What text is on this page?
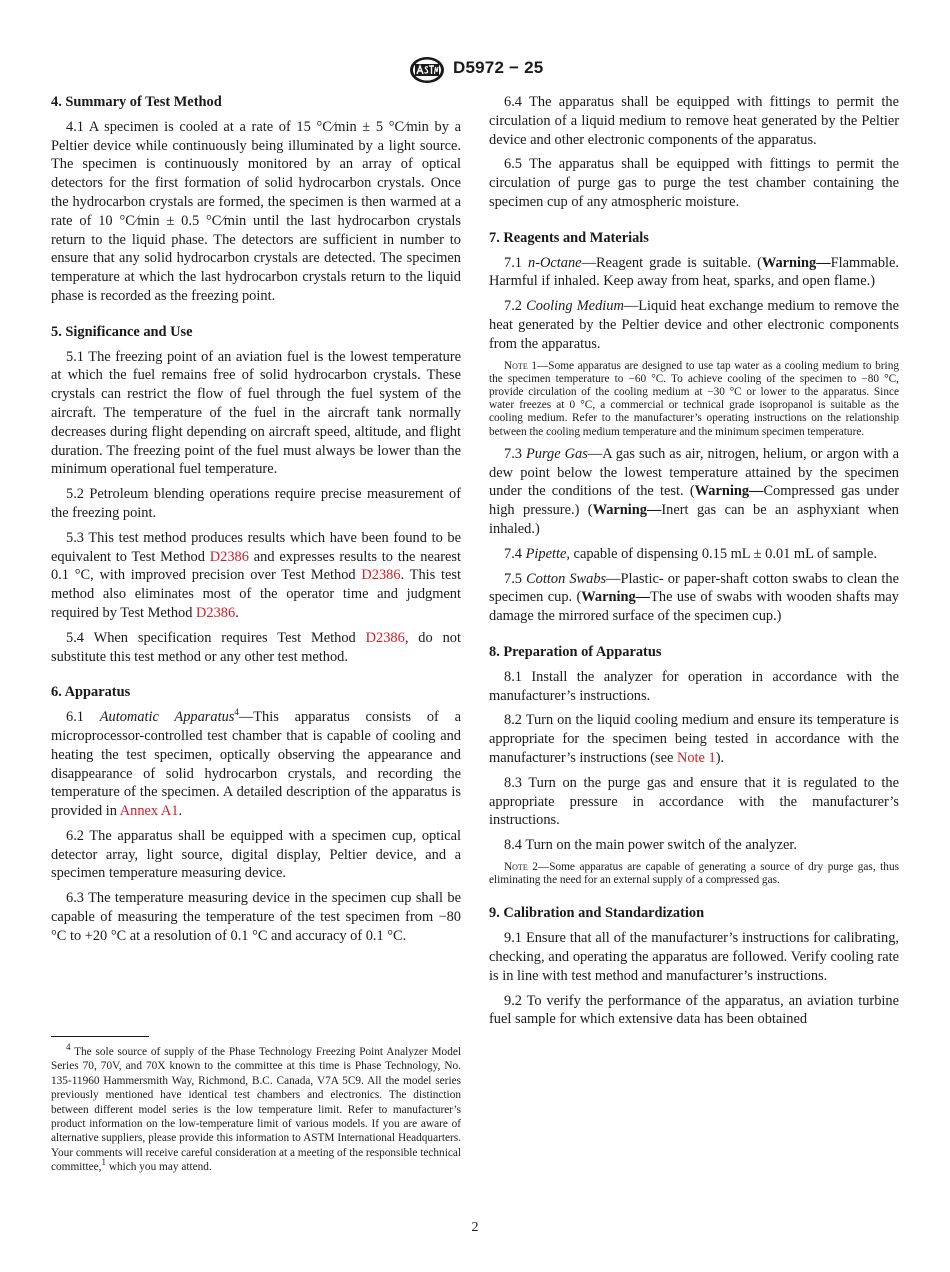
D5972 − 25
4. Summary of Test Method

4.1 A specimen is cooled at a rate of 15 °C⁄min ± 5 °C⁄min by a Peltier device while continuously being illuminated by a light source. The specimen is continuously monitored by an array of optical detectors for the first formation of solid hydrocarbon crystals. Once the hydrocarbon crystals are formed, the specimen is then warmed at a rate of 10 °C⁄min ± 0.5 °C⁄min until the last hydrocarbon crystals return to the liquid phase. The detectors are sufficient in number to ensure that any solid hydrocarbon crystals are detected. The specimen temperature at which the last hydrocarbon crystals return to the liquid phase is recorded as the freezing point.

5. Significance and Use

5.1 The freezing point of an aviation fuel is the lowest temperature at which the fuel remains free of solid hydrocarbon crystals. These crystals can restrict the flow of fuel through the fuel system of the aircraft. The temperature of the fuel in the aircraft tank normally decreases during flight depending on aircraft speed, altitude, and flight duration. The freezing point of the fuel must always be lower than the minimum operational fuel temperature.

5.2 Petroleum blending operations require precise measurement of the freezing point.

5.3 This test method produces results which have been found to be equivalent to Test Method D2386 and expresses results to the nearest 0.1 °C, with improved precision over Test Method D2386. This test method also eliminates most of the operator time and judgment required by Test Method D2386.

5.4 When specification requires Test Method D2386, do not substitute this test method or any other test method.

6. Apparatus

6.1 Automatic Apparatus$^4$—This apparatus consists of a microprocessor-controlled test chamber that is capable of cooling and heating the test specimen, optically observing the appearance and disappearance of solid hydrocarbon crystals, and recording the temperature of the specimen. A detailed description of the apparatus is provided in Annex A1.

6.2 The apparatus shall be equipped with a specimen cup, optical detector array, light source, digital display, Peltier device, and a specimen temperature measuring device.

6.3 The temperature measuring device in the specimen cup shall be capable of measuring the temperature of the test specimen from −80 °C to +20 °C at a resolution of 0.1 °C and accuracy of 0.1 °C.

$^4$ The sole source of supply of the Phase Technology Freezing Point Analyzer Model Series 70, 70V, and 70X known to the committee at this time is Phase Technology, No. 135-11960 Hammersmith Way, Richmond, B.C. Canada, V7A 5C9. All the model series previously mentioned have identical test chambers and electronics. The distinction between different model series is the low temperature limit. Refer to manufacturer’s product information on the low-temperature limit of various models. If you are aware of alternative suppliers, please provide this information to ASTM International Headquarters. Your comments will receive careful consideration at a meeting of the responsible technical committee,$^1$ which you may attend.

6.4 The apparatus shall be equipped with fittings to permit the circulation of a liquid medium to remove heat generated by the Peltier device and other electronic components of the apparatus.

6.5 The apparatus shall be equipped with fittings to permit the circulation of purge gas to purge the test chamber containing the specimen cup of any atmospheric moisture.

7. Reagents and Materials

7.1 n-Octane—Reagent grade is suitable. (Warning—Flammable. Harmful if inhaled. Keep away from heat, sparks, and open flame.)

7.2 Cooling Medium—Liquid heat exchange medium to remove the heat generated by the Peltier device and other electronic components from the apparatus.

Note 1—Some apparatus are designed to use tap water as a cooling medium to bring the specimen temperature to −60 °C. To achieve cooling of the specimen to −80 °C, provide circulation of the cooling medium at −30 °C or lower to the apparatus. Since water freezes at 0 °C, a commercial or technical grade isopropanol is suitable as the cooling medium. Refer to the manufacturer’s operating instructions on the relationship between the cooling medium temperature and the minimum specimen temperature.

7.3 Purge Gas—A gas such as air, nitrogen, helium, or argon with a dew point below the lowest temperature attained by the specimen under the conditions of the test. (Warning—Compressed gas under high pressure.) (Warning—Inert gas can be an asphyxiant when inhaled.)

7.4 Pipette, capable of dispensing 0.15 mL ± 0.01 mL of sample.

7.5 Cotton Swabs—Plastic- or paper-shaft cotton swabs to clean the specimen cup. (Warning—The use of swabs with wooden shafts may damage the mirrored surface of the specimen cup.)

8. Preparation of Apparatus

8.1 Install the analyzer for operation in accordance with the manufacturer’s instructions.

8.2 Turn on the liquid cooling medium and ensure its temperature is appropriate for the specimen being tested in accordance with the manufacturer’s instructions (see Note 1).

8.3 Turn on the purge gas and ensure that it is regulated to the appropriate pressure in accordance with the manufacturer’s instructions.

8.4 Turn on the main power switch of the analyzer.

Note 2—Some apparatus are capable of generating a source of dry purge gas, thus eliminating the need for an external supply of a compressed gas.

9. Calibration and Standardization

9.1 Ensure that all of the manufacturer’s instructions for calibrating, checking, and operating the apparatus are followed. Verify cooling rate is in line with test method and manufacturer’s instructions.

9.2 To verify the performance of the apparatus, an aviation turbine fuel sample for which extensive data has been obtained

2
